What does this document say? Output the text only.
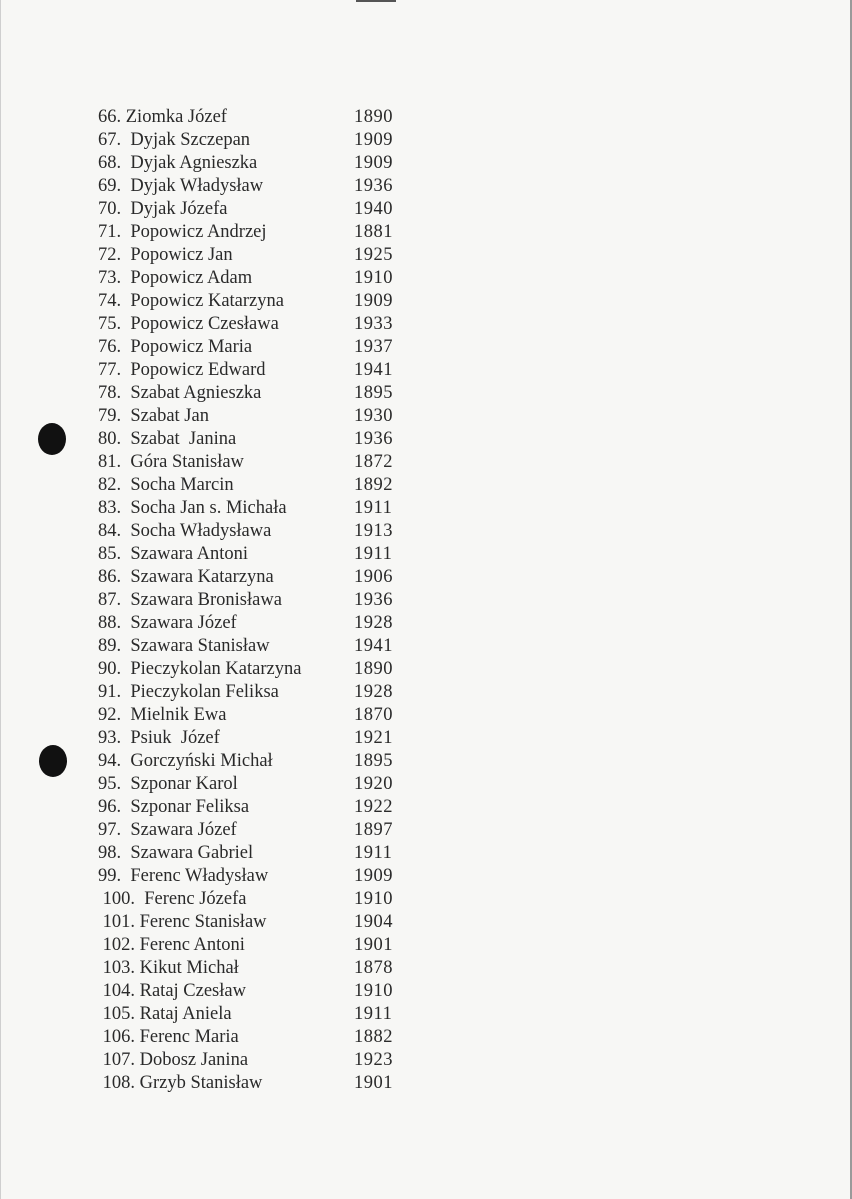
66. Ziomka Józef	1890
67.  Dyjak Szczepan	1909
68.  Dyjak Agnieszka	1909
69.  Dyjak Władysław	1936
70.  Dyjak Józefa	1940
71.  Popowicz Andrzej	1881
72.  Popowicz Jan	1925
73.  Popowicz Adam	1910
74.  Popowicz Katarzyna	1909
75.  Popowicz Czesława	1933
76.  Popowicz Maria	1937
77.  Popowicz Edward	1941
78.  Szabat Agnieszka	1895
79.  Szabat Jan	1930
80.  Szabat  Janina	1936
81.  Góra Stanisław	1872
82.  Socha Marcin	1892
83.  Socha Jan s. Michała	1911
84.  Socha Władysława	1913
85.  Szawara Antoni	1911
86.  Szawara Katarzyna	1906
87.  Szawara Bronisława	1936
88.  Szawara Józef	1928
89.  Szawara Stanisław	1941
90.  Pieczykolan Katarzyna	1890
91.  Pieczykolan Feliksa	1928
92.  Mielnik Ewa	1870
93.  Psiuk  Józef	1921
94.  Gorczyński Michał	1895
95.  Szponar Karol	1920
96.  Szponar Feliksa	1922
97.  Szawara Józef	1897
98.  Szawara Gabriel	1911
99.  Ferenc Władysław	1909
100.  Ferenc Józefa	1910
101. Ferenc Stanisław	1904
102. Ferenc Antoni	1901
103. Kikut Michał	1878
104. Rataj Czesław	1910
105. Rataj Aniela	1911
106. Ferenc Maria	1882
107. Dobosz Janina	1923
108. Grzyb Stanisław	1901
